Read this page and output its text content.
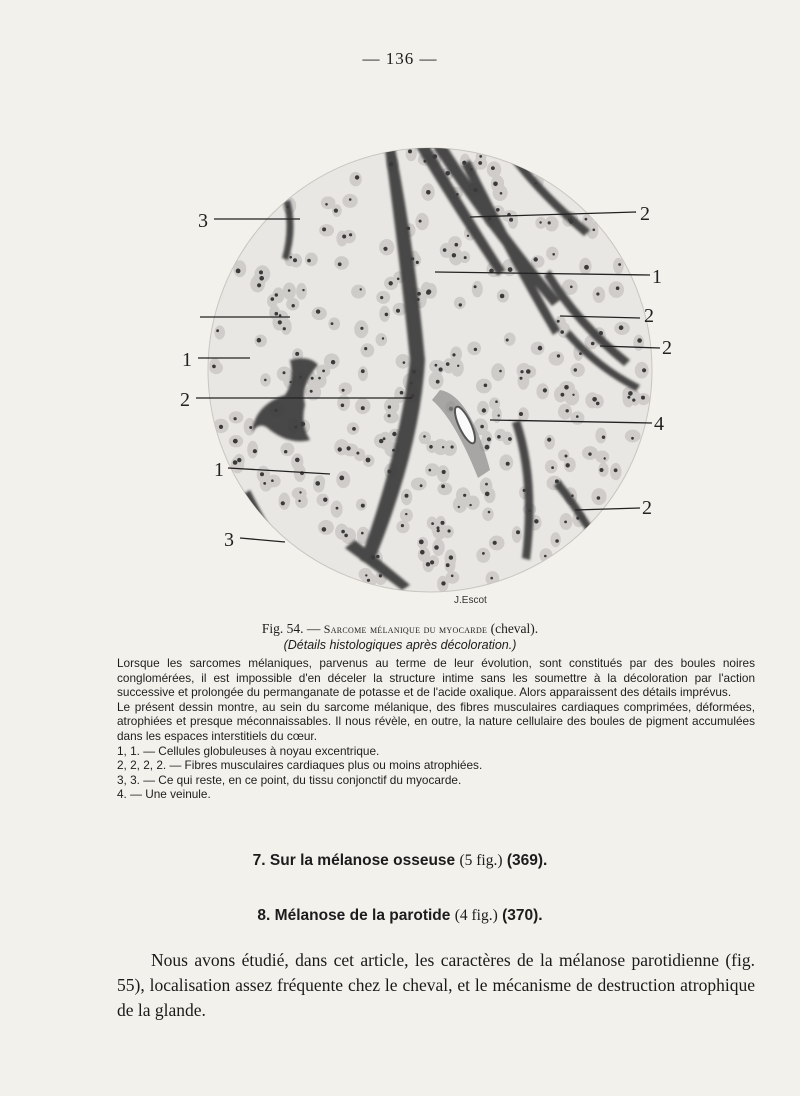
— 136 —
3
1
2
1
3
2
1
2
2
4
2
J.Escot
Fig. 54. — Sarcome mélanique du myocarde (cheval).
(Détails histologiques après décoloration.)

Lorsque les sarcomes mélaniques, parvenus au terme de leur évolution, sont constitués par des boules noires conglomérées, il est impossible d'en déceler la structure intime sans les soumettre à la décoloration par l'action successive et prolongée du permanganate de potasse et de l'acide oxalique. Alors apparaissent des détails imprévus.

Le présent dessin montre, au sein du sarcome mélanique, des fibres musculaires cardiaques comprimées, déformées, atrophiées et presque méconnaissables. Il nous révèle, en outre, la nature cellulaire des boules de pigment accumulées dans les espaces interstitiels du cœur.

1, 1. — Cellules globuleuses à noyau excentrique.
2, 2, 2, 2. — Fibres musculaires cardiaques plus ou moins atrophiées.
3, 3. — Ce qui reste, en ce point, du tissu conjonctif du myocarde.
4. — Une veinule.
7. Sur la mélanose osseuse (5 fig.) (369).
8. Mélanose de la parotide (4 fig.) (370).

Nous avons étudié, dans cet article, les caractères de la mélanose parotidienne (fig. 55), localisation assez fréquente chez le cheval, et le mécanisme de destruction atrophique de la glande.
